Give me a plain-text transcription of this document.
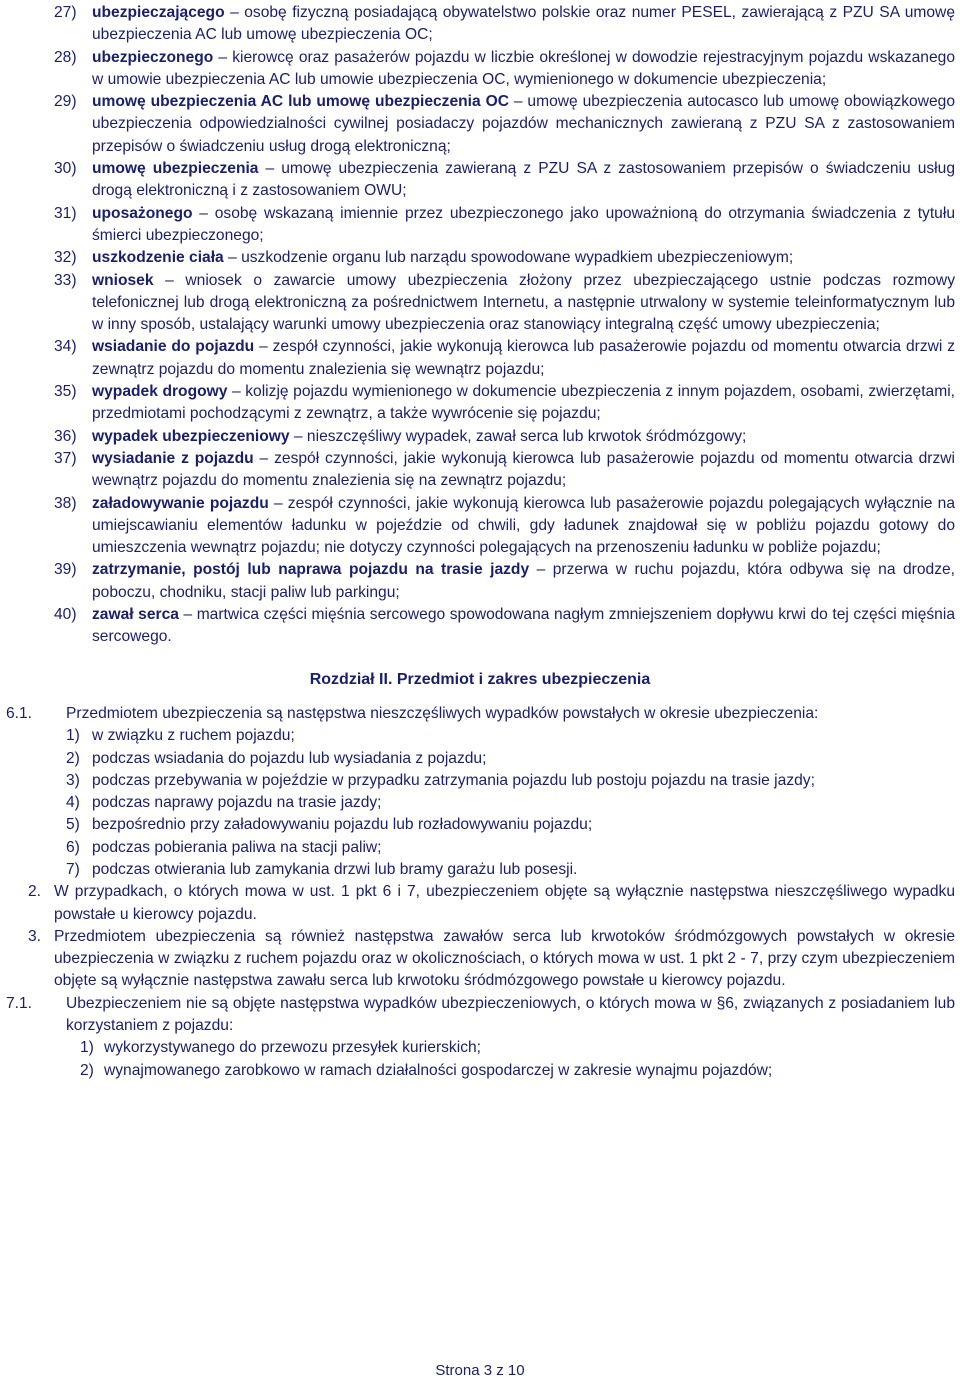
27) ubezpieczającego – osobę fizyczną posiadającą obywatelstwo polskie oraz numer PESEL, zawierającą z PZU SA umowę ubezpieczenia AC lub umowę ubezpieczenia OC;
28) ubezpieczonego – kierowcę oraz pasażerów pojazdu w liczbie określonej w dowodzie rejestracyjnym pojazdu wskazanego w umowie ubezpieczenia AC lub umowie ubezpieczenia OC, wymienionego w dokumencie ubezpieczenia;
29) umowę ubezpieczenia AC lub umowę ubezpieczenia OC – umowę ubezpieczenia autocasco lub umowę obowiązkowego ubezpieczenia odpowiedzialności cywilnej posiadaczy pojazdów mechanicznych zawieraną z PZU SA z zastosowaniem przepisów o świadczeniu usług drogą elektroniczną;
30) umowę ubezpieczenia – umowę ubezpieczenia zawieraną z PZU SA z zastosowaniem przepisów o świadczeniu usług drogą elektroniczną i z zastosowaniem OWU;
31) uposażonego – osobę wskazaną imiennie przez ubezpieczonego jako upoważnioną do otrzymania świadczenia z tytułu śmierci ubezpieczonego;
32) uszkodzenie ciała – uszkodzenie organu lub narządu spowodowane wypadkiem ubezpieczeniowym;
33) wniosek – wniosek o zawarcie umowy ubezpieczenia złożony przez ubezpieczającego ustnie podczas rozmowy telefonicznej lub drogą elektroniczną za pośrednictwem Internetu, a następnie utrwalony w systemie teleinformatycznym lub w inny sposób, ustalający warunki umowy ubezpieczenia oraz stanowiący integralną część umowy ubezpieczenia;
34) wsiadanie do pojazdu – zespół czynności, jakie wykonują kierowca lub pasażerowie pojazdu od momentu otwarcia drzwi z zewnątrz pojazdu do momentu znalezienia się wewnątrz pojazdu;
35) wypadek drogowy – kolizję pojazdu wymienionego w dokumencie ubezpieczenia z innym pojazdem, osobami, zwierzętami, przedmiotami pochodzącymi z zewnątrz, a także wywrócenie się pojazdu;
36) wypadek ubezpieczeniowy – nieszczęśliwy wypadek, zawał serca lub krwotok śródmózgowy;
37) wysiadanie z pojazdu – zespół czynności, jakie wykonują kierowca lub pasażerowie pojazdu od momentu otwarcia drzwi wewnątrz pojazdu do momentu znalezienia się na zewnątrz pojazdu;
38) załadowywanie pojazdu – zespół czynności, jakie wykonują kierowca lub pasażerowie pojazdu polegających wyłącznie na umiejscawianiu elementów ładunku w pojeździe od chwili, gdy ładunek znajdował się w pobliżu pojazdu gotowy do umieszczenia wewnątrz pojazdu; nie dotyczy czynności polegających na przenoszeniu ładunku w pobliże pojazdu;
39) zatrzymanie, postój lub naprawa pojazdu na trasie jazdy – przerwa w ruchu pojazdu, która odbywa się na drodze, poboczu, chodniku, stacji paliw lub parkingu;
40) zawał serca – martwica części mięśnia sercowego spowodowana nagłym zmniejszeniem dopływu krwi do tej części mięśnia sercowego.
Rozdział II. Przedmiot i zakres ubezpieczenia
6.1. Przedmiotem ubezpieczenia są następstwa nieszczęśliwych wypadków powstałych w okresie ubezpieczenia:
1) w związku z ruchem pojazdu;
2) podczas wsiadania do pojazdu lub wysiadania z pojazdu;
3) podczas przebywania w pojeździe w przypadku zatrzymania pojazdu lub postoju pojazdu na trasie jazdy;
4) podczas naprawy pojazdu na trasie jazdy;
5) bezpośrednio przy załadowywaniu pojazdu lub rozładowywaniu pojazdu;
6) podczas pobierania paliwa na stacji paliw;
7) podczas otwierania lub zamykania drzwi lub bramy garażu lub posesji.
2. W przypadkach, o których mowa w ust. 1 pkt 6 i 7, ubezpieczeniem objęte są wyłącznie następstwa nieszczęśliwego wypadku powstałe u kierowcy pojazdu.
3. Przedmiotem ubezpieczenia są również następstwa zawałów serca lub krwotoków śródmózgowych powstałych w okresie ubezpieczenia w związku z ruchem pojazdu oraz w okolicznościach, o których mowa w ust. 1 pkt 2 - 7, przy czym ubezpieczeniem objęte są wyłącznie następstwa zawału serca lub krwotoku śródmózgowego powstałe u kierowcy pojazdu.
7.1. Ubezpieczeniem nie są objęte następstwa wypadków ubezpieczeniowych, o których mowa w §6, związanych z posiadaniem lub korzystaniem z pojazdu:
1) wykorzystywanego do przewozu przesyłek kurierskich;
2) wynajmowanego zarobkowo w ramach działalności gospodarczej w zakresie wynajmu pojazdów;
Strona 3 z 10
